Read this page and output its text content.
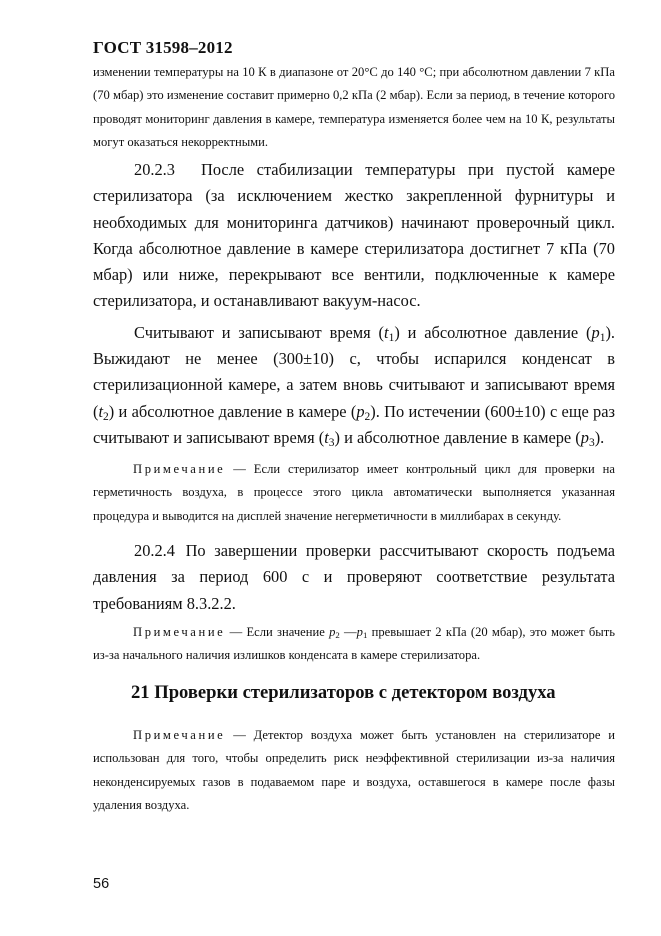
ГОСТ 31598–2012

изменении температуры на 10 К в диапазоне от 20°С до 140 °С; при абсолютном давлении 7 кПа (70 мбар) это изменение составит примерно 0,2 кПа (2 мбар). Если за период, в течение которого проводят мониторинг давления в камере, температура изменяется более чем на 10 К, результаты могут оказаться некорректными.

20.2.3 После стабилизации температуры при пустой камере стерилизатора (за исключением жестко закрепленной фурнитуры и необходимых для мониторинга датчиков) начинают проверочный цикл. Когда абсолютное давление в камере стерилизатора достигнет 7 кПа (70 мбар) или ниже, перекрывают все вентили, подключенные к камере стерилизатора, и останавливают вакуум-насос.

Считывают и записывают время $(t_1)$ и абсолютное давление $(p_1)$. Выжидают не менее (300±10) с, чтобы испарился конденсат в стерилизационной камере, а затем вновь считывают и записывают время $(t_2)$ и абсолютное давление в камере $(p_2)$. По истечении (600±10) с еще раз считывают и записывают время $(t_3)$ и абсолютное давление в камере $(p_3)$.

Примечание — Если стерилизатор имеет контрольный цикл для проверки на герметичность воздуха, в процессе этого цикла автоматически выполняется указанная процедура и выводится на дисплей значение негерметичности в миллибарах в секунду.

20.2.4 По завершении проверки рассчитывают скорость подъема давления за период 600 с и проверяют соответствие результата требованиям 8.3.2.2.

Примечание — Если значение $p_2$ $—p_1$ превышает 2 кПа (20 мбар), это может быть из-за начального наличия излишков конденсата в камере стерилизатора.

21 Проверки стерилизаторов с детектором воздуха

Примечание — Детектор воздуха может быть установлен на стерилизаторе и использован для того, чтобы определить риск неэффективной стерилизации из-за наличия неконденсируемых газов в подаваемом паре и воздуха, оставшегося в камере после фазы удаления воздуха.

56
